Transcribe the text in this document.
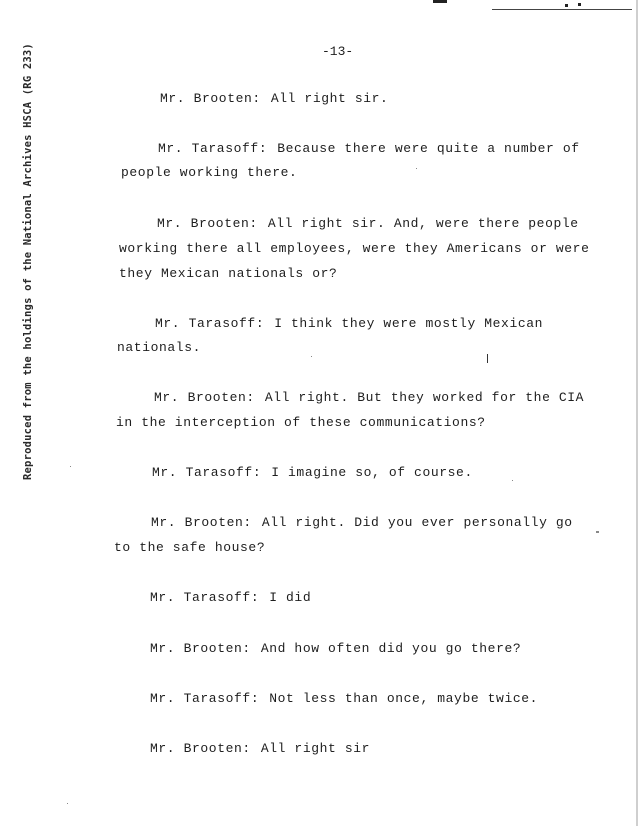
Reproduced from the holdings of the National Archives HSCA (RG 233)	-13-
Mr. Brooten: All right sir.
Mr. Tarasoff: Because there were quite a number of
people working there.
Mr. Brooten: All right sir. And, were there people
working there all employees, were they Americans or were
they Mexican nationals or?
Mr. Tarasoff: I think they were mostly Mexican
nationals.
Mr. Brooten: All right. But they worked for the CIA
in the interception of these communications?
Mr. Tarasoff: I imagine so, of course.
Mr. Brooten: All right. Did you ever personally go
to the safe house?
Mr. Tarasoff: I did
Mr. Brooten: And how often did you go there?
Mr. Tarasoff: Not less than once, maybe twice.
Mr. Brooten: All right sir
